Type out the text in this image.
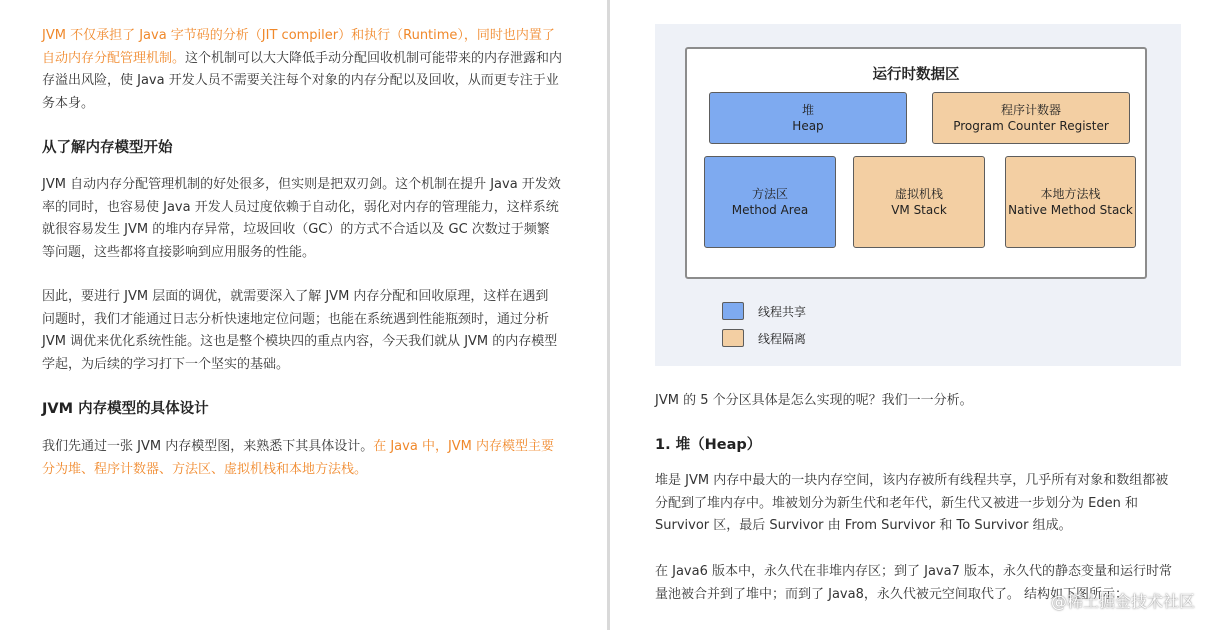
JVM 不仅承担了 Java 字节码的分析（JIT compiler）和执行（Runtime），同时也内置了
自动内存分配管理机制。这个机制可以大大降低手动分配回收机制可能带来的内存泄露和内
存溢出风险，使 Java 开发人员不需要关注每个对象的内存分配以及回收，从而更专注于业
务本身。
从了解内存模型开始
JVM 自动内存分配管理机制的好处很多，但实则是把双刃剑。这个机制在提升 Java 开发效
率的同时，也容易使 Java 开发人员过度依赖于自动化，弱化对内存的管理能力，这样系统
就很容易发生 JVM 的堆内存异常，垃圾回收（GC）的方式不合适以及 GC 次数过于频繁
等问题，这些都将直接影响到应用服务的性能。
因此，要进行 JVM 层面的调优，就需要深入了解 JVM 内存分配和回收原理，这样在遇到
问题时，我们才能通过日志分析快速地定位问题；也能在系统遇到性能瓶颈时，通过分析
JVM 调优来优化系统性能。这也是整个模块四的重点内容，今天我们就从 JVM 的内存模型
学起，为后续的学习打下一个坚实的基础。
JVM 内存模型的具体设计
我们先通过一张 JVM 内存模型图，来熟悉下其具体设计。在 Java 中，JVM 内存模型主要
分为堆、程序计数器、方法区、虚拟机栈和本地方法栈。
运行时数据区
堆
Heap
程序计数器
Program Counter Register
方法区
Method Area
虚拟机栈
VM Stack
本地方法栈
Native Method Stack
线程共享
线程隔离
JVM 的 5 个分区具体是怎么实现的呢？我们一一分析。
1. 堆（Heap）
堆是 JVM 内存中最大的一块内存空间，该内存被所有线程共享，几乎所有对象和数组都被
分配到了堆内存中。堆被划分为新生代和老年代，新生代又被进一步划分为 Eden 和
Survivor 区，最后 Survivor 由 From Survivor 和 To Survivor 组成。
在 Java6 版本中，永久代在非堆内存区；到了 Java7 版本，永久代的静态变量和运行时常
量池被合并到了堆中；而到了 Java8，永久代被元空间取代了。 结构如下图所示：
@稀土掘金技术社区
